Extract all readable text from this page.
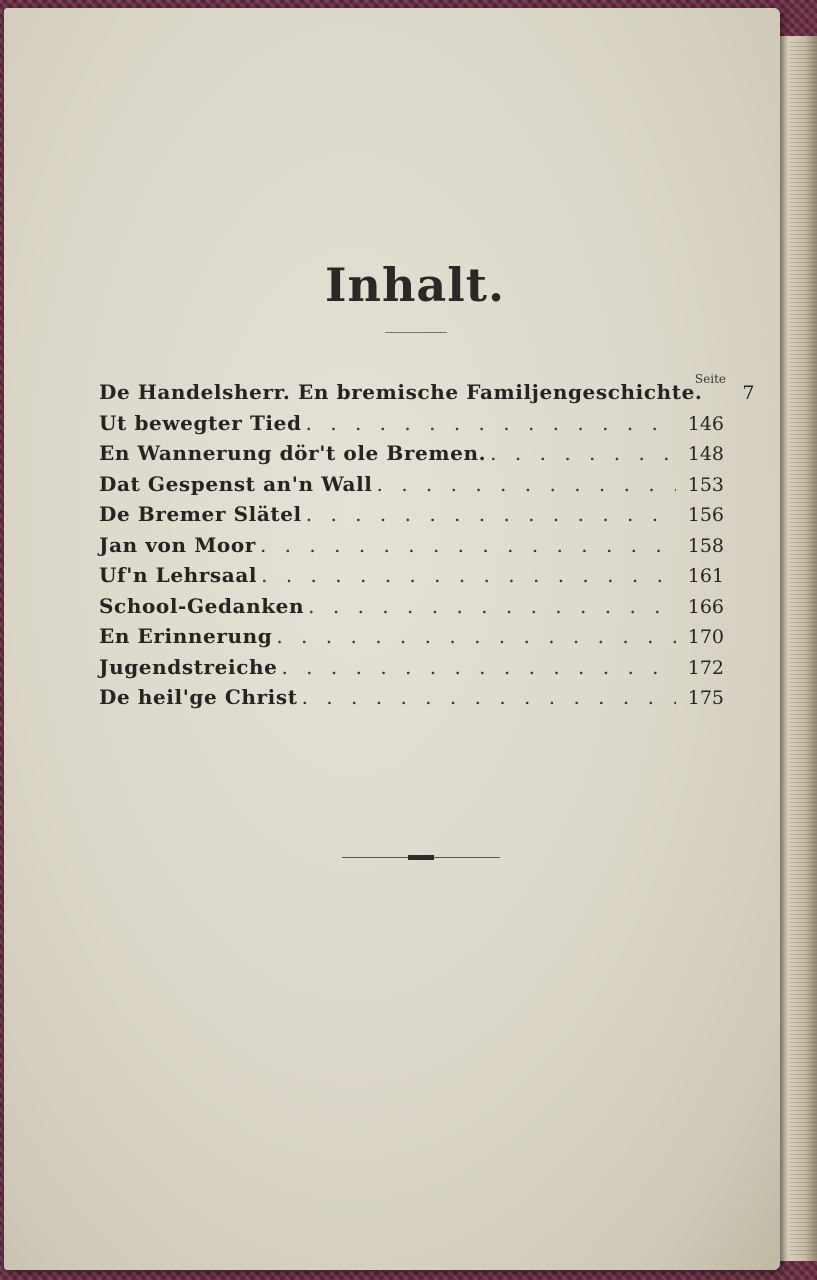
Inhalt.
Seite
De Handelsherr. En bremische Familjengeschichte.	7
Ut bewegter Tied . . .	146
En Wannerung dör't ole Bremen. . . .	148
Dat Gespenst an'n Wall . . .	153
De Bremer Slätel . . .	156
Jan von Moor . . .	158
Uf'n Lehrsaal . . .	161
School-Gedanken . . .	166
En Erinnerung . . .	170
Jugendstreiche . . .	172
De heil'ge Christ . . .	175
